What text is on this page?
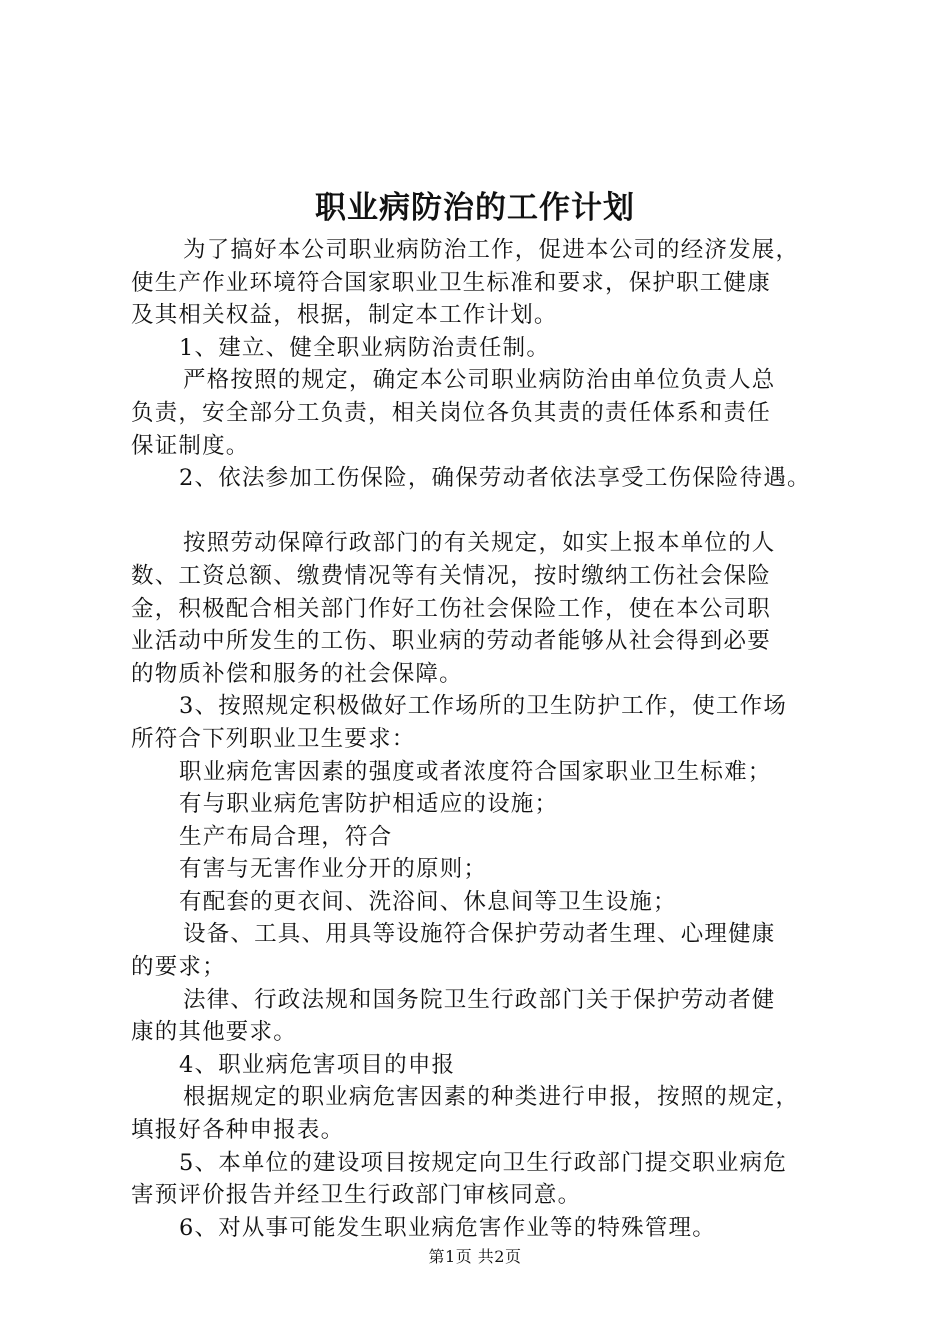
职业病防治的工作计划

为了搞好本公司职业病防治工作，促进本公司的经济发展，

使生产作业环境符合国家职业卫生标准和要求，保护职工健康

及其相关权益，根据，制定本工作计划。

1、建立、健全职业病防治责任制。

严格按照的规定，确定本公司职业病防治由单位负责人总

负责，安全部分工负责，相关岗位各负其责的责任体系和责任

保证制度。

2、依法参加工伤保险，确保劳动者依法享受工伤保险待遇。

按照劳动保障行政部门的有关规定，如实上报本单位的人

数、工资总额、缴费情况等有关情况，按时缴纳工伤社会保险

金，积极配合相关部门作好工伤社会保险工作，使在本公司职

业活动中所发生的工伤、职业病的劳动者能够从社会得到必要

的物质补偿和服务的社会保障。

3、按照规定积极做好工作场所的卫生防护工作，使工作场

所符合下列职业卫生要求：

职业病危害因素的强度或者浓度符合国家职业卫生标难；

有与职业病危害防护相适应的设施；

生产布局合理，符合

有害与无害作业分开的原则；

有配套的更衣间、洗浴间、休息间等卫生设施；

设备、工具、用具等设施符合保护劳动者生理、心理健康

的要求；

法律、行政法规和国务院卫生行政部门关于保护劳动者健

康的其他要求。

4、职业病危害项目的申报

根据规定的职业病危害因素的种类进行申报，按照的规定，

填报好各种申报表。

5、本单位的建设项目按规定向卫生行政部门提交职业病危

害预评价报告并经卫生行政部门审核同意。

6、对从事可能发生职业病危害作业等的特殊管理。

第1页 共2页
